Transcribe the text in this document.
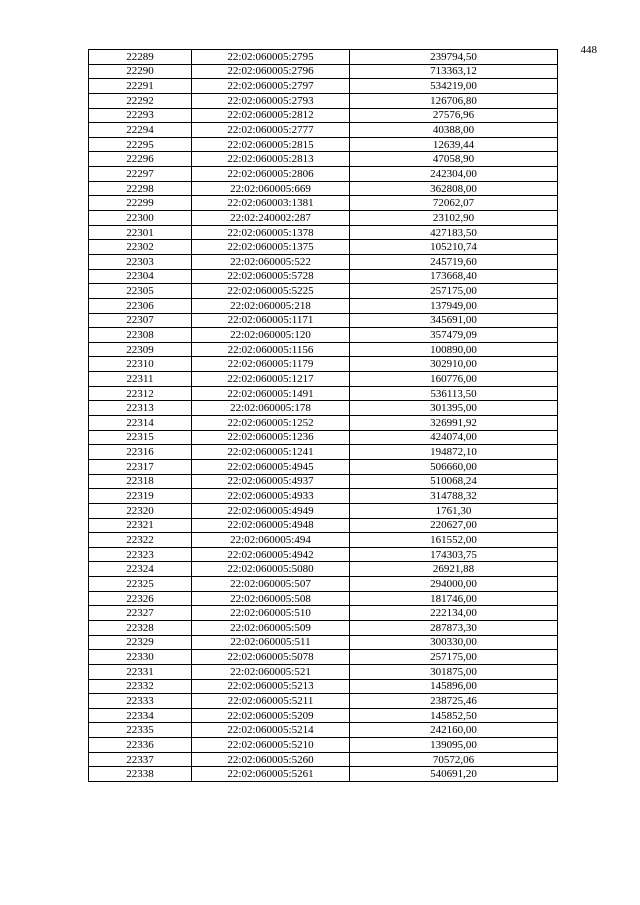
448
22289	22:02:060005:2795	239794,50
22290	22:02:060005:2796	713363,12
22291	22:02:060005:2797	534219,00
22292	22:02:060005:2793	126706,80
22293	22:02:060005:2812	27576,96
22294	22:02:060005:2777	40388,00
22295	22:02:060005:2815	12639,44
22296	22:02:060005:2813	47058,90
22297	22:02:060005:2806	242304,00
22298	22:02:060005:669	362808,00
22299	22:02:060003:1381	72062,07
22300	22:02:240002:287	23102,90
22301	22:02:060005:1378	427183,50
22302	22:02:060005:1375	105210,74
22303	22:02:060005:522	245719,60
22304	22:02:060005:5728	173668,40
22305	22:02:060005:5225	257175,00
22306	22:02:060005:218	137949,00
22307	22:02:060005:1171	345691,00
22308	22:02:060005:120	357479,09
22309	22:02:060005:1156	100890,00
22310	22:02:060005:1179	302910,00
22311	22:02:060005:1217	160776,00
22312	22:02:060005:1491	536113,50
22313	22:02:060005:178	301395,00
22314	22:02:060005:1252	326991,92
22315	22:02:060005:1236	424074,00
22316	22:02:060005:1241	194872,10
22317	22:02:060005:4945	506660,00
22318	22:02:060005:4937	510068,24
22319	22:02:060005:4933	314788,32
22320	22:02:060005:4949	1761,30
22321	22:02:060005:4948	220627,00
22322	22:02:060005:494	161552,00
22323	22:02:060005:4942	174303,75
22324	22:02:060005:5080	26921,88
22325	22:02:060005:507	294000,00
22326	22:02:060005:508	181746,00
22327	22:02:060005:510	222134,00
22328	22:02:060005:509	287873,30
22329	22:02:060005:511	300330,00
22330	22:02:060005:5078	257175,00
22331	22:02:060005:521	301875,00
22332	22:02:060005:5213	145896,00
22333	22:02:060005:5211	238725,46
22334	22:02:060005:5209	145852,50
22335	22:02:060005:5214	242160,00
22336	22:02:060005:5210	139095,00
22337	22:02:060005:5260	70572,06
22338	22:02:060005:5261	540691,20
